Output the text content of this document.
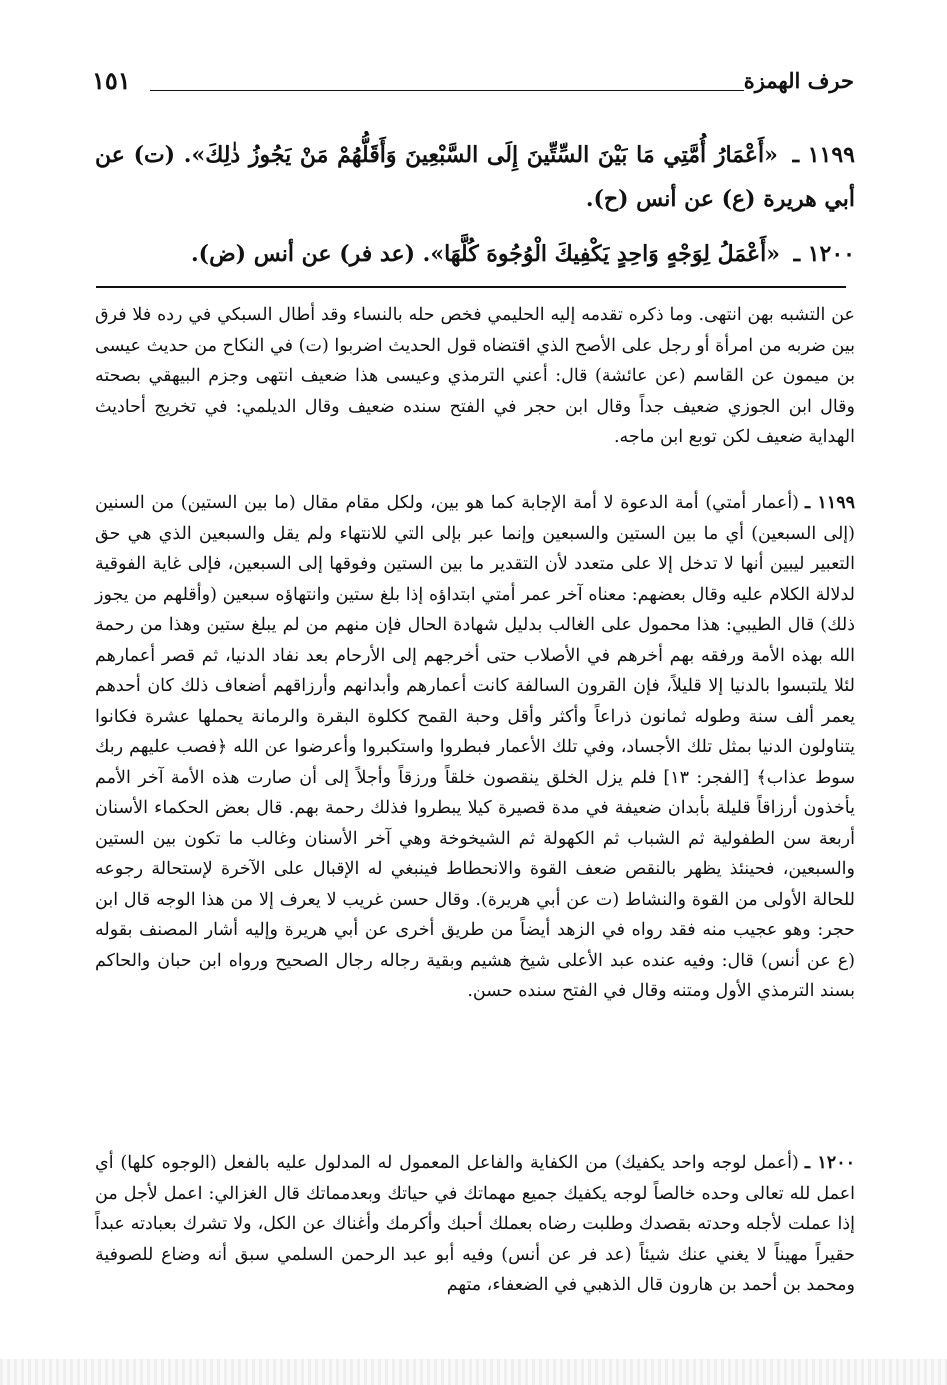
حرف الهمزة
١٥١
١١٩٩ ـ «أَعْمَارُ أُمَّتِي مَا بَيْنَ السِّتِّينَ إِلَى السَّبْعِينَ وَأَقَلُّهُمْ مَنْ يَجُوزُ ذٰلِكَ». (ت) عن أبي هريرة (ع) عن أنس (ح).
١٢٠٠ ـ «أَعْمَلُ لِوَجْهٍ وَاحِدٍ يَكْفِيكَ الْوُجُوهَ كُلَّهَا». (عد فر) عن أنس (ض).

عن التشبه بهن انتهى. وما ذكره تقدمه إليه الحليمي فخص حله بالنساء وقد أطال السبكي في رده فلا فرق بين ضربه من امرأة أو رجل على الأصح الذي اقتضاه قول الحديث اضربوا (ت) في النكاح من حديث عيسى بن ميمون عن القاسم (عن عائشة) قال: أعني الترمذي وعيسى هذا ضعيف انتهى وجزم البيهقي بصحته وقال ابن الجوزي ضعيف جداً وقال ابن حجر في الفتح سنده ضعيف وقال الديلمي: في تخريج أحاديث الهداية ضعيف لكن توبع ابن ماجه.

١١٩٩ ـ(أعمار أمتي) أمة الدعوة لا أمة الإجابة كما هو بين، ولكل مقام مقال (ما بين الستين) من السنين (إلى السبعين) أي ما بين الستين والسبعين وإنما عبر بإلى التي للانتهاء ولم يقل والسبعين الذي هي حق التعبير ليبين أنها لا تدخل إلا على متعدد لأن التقدير ما بين الستين وفوقها إلى السبعين، فإلى غاية الفوقية لدلالة الكلام عليه وقال بعضهم: معناه آخر عمر أمتي ابتداؤه إذا بلغ ستين وانتهاؤه سبعين (وأقلهم من يجوز ذلك) قال الطيبي: هذا محمول على الغالب بدليل شهادة الحال فإن منهم من لم يبلغ ستين وهذا من رحمة الله بهذه الأمة ورفقه بهم أخرهم في الأصلاب حتى أخرجهم إلى الأرحام بعد نفاد الدنيا، ثم قصر أعمارهم لئلا يلتبسوا بالدنيا إلا قليلاً، فإن القرون السالفة كانت أعمارهم وأبدانهم وأرزاقهم أضعاف ذلك كان أحدهم يعمر ألف سنة وطوله ثمانون ذراعاً وأكثر وأقل وحبة القمح ككلوة البقرة والرمانة يحملها عشرة فكانوا يتناولون الدنيا بمثل تلك الأجساد، وفي تلك الأعمار فبطروا واستكبروا وأعرضوا عن الله ﴿فصب عليهم ربك سوط عذاب﴾ [الفجر: ١٣] فلم يزل الخلق ينقصون خلقاً ورزقاً وأجلاً إلى أن صارت هذه الأمة آخر الأمم يأخذون أرزاقاً قليلة بأبدان ضعيفة في مدة قصيرة كيلا يبطروا فذلك رحمة بهم. قال بعض الحكماء الأسنان أربعة سن الطفولية ثم الشباب ثم الكهولة ثم الشيخوخة وهي آخر الأسنان وغالب ما تكون بين الستين والسبعين، فحينئذ يظهر بالنقص ضعف القوة والانحطاط فينبغي له الإقبال على الآخرة لإستحالة رجوعه للحالة الأولى من القوة والنشاط (ت عن أبي هريرة). وقال حسن غريب لا يعرف إلا من هذا الوجه قال ابن حجر: وهو عجيب منه فقد رواه في الزهد أيضاً من طريق أخرى عن أبي هريرة وإليه أشار المصنف بقوله (ع عن أنس) قال: وفيه عنده عبد الأعلى شيخ هشيم وبقية رجاله رجال الصحيح ورواه ابن حبان والحاكم بسند الترمذي الأول ومتنه وقال في الفتح سنده حسن.

١٢٠٠ ـ(أعمل لوجه واحد يكفيك) من الكفاية والفاعل المعمول له المدلول عليه بالفعل (الوجوه كلها) أي اعمل لله تعالى وحده خالصاً لوجه يكفيك جميع مهماتك في حياتك وبعدمماتك قال الغزالي: اعمل لأجل من إذا عملت لأجله وحدته بقصدك وطلبت رضاه بعملك أحبك وأكرمك وأغناك عن الكل، ولا تشرك بعبادته عبداً حقيراً مهيناً لا يغني عنك شيئاً (عد فر عن أنس) وفيه أبو عبد الرحمن السلمي سبق أنه وضاع للصوفية ومحمد بن أحمد بن هارون قال الذهبي في الضعفاء، متهم
